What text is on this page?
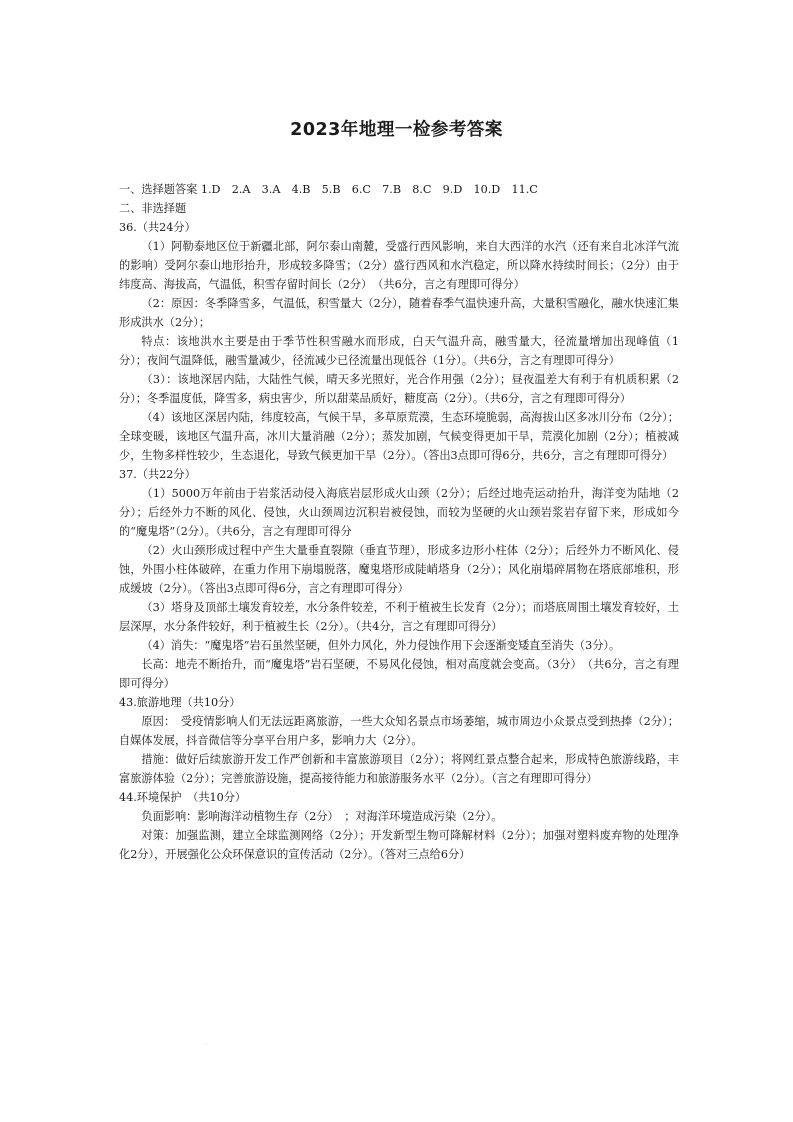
2023年地理一检参考答案

一、选择题答案 1.D　2.A　3.A　4.B　5.B　6.C　7.B　8.C　9.D　10.D　11.C

二、非选择题

36.（共24分）

（1）阿勒泰地区位于新疆北部，阿尔泰山南麓，受盛行西风影响，来自大西洋的水汽（还有来自北冰洋气流的影响）受阿尔泰山地形抬升，形成较多降雪；（2分）盛行西风和水汽稳定，所以降水持续时间长；（2分）由于纬度高、海拔高，气温低，积雪存留时间长（2分）　（共6分，言之有理即可得分）

（2：原因：冬季降雪多，气温低，积雪量大（2分），随着春季气温快速升高，大量积雪融化，融水快速汇集形成洪水（2分）；

特点：该地洪水主要是由于季节性积雪融水而形成，白天气温升高，融雪量大，径流量增加出现峰值（1分）；夜间气温降低，融雪量减少，径流减少已径流量出现低谷（1分）。（共6分，言之有理即可得分）

（3）：该地深居内陆，大陆性气候，晴天多光照好，光合作用强（2分）；昼夜温差大有利于有机质积累（2分）；冬季温度低，降雪多，病虫害少，所以甜菜品质好，糖度高（2分）。（共6分，言之有理即可得分）

（4）该地区深居内陆，纬度较高，气候干旱，多草原荒漠，生态环境脆弱，高海拔山区多冰川分布（2分）；全球变暖，该地区气温升高，冰川大量消融（2分）；蒸发加剧，气候变得更加干旱，荒漠化加剧（2分）；植被减少，生物多样性较少，生态退化，导致气候更加干旱（2分）。（答出3点即可得6分，共6分，言之有理即可得分）

37.（共22分）

（1）5000万年前由于岩浆活动侵入海底岩层形成火山颈（2分）；后经过地壳运动抬升，海洋变为陆地（2分）；后经外力不断的风化、侵蚀，火山颈周边沉积岩被侵蚀，而较为坚硬的火山颈岩浆岩存留下来，形成如今的“魔鬼塔”（2分）。（共6分，言之有理即可得分

（2）火山颈形成过程中产生大量垂直裂隙（垂直节理），形成多边形小柱体（2分）；后经外力不断风化、侵蚀，外围小柱体破碎，在重力作用下崩塌脱落，魔鬼塔形成陡峭塔身（2分）；风化崩塌碎屑物在塔底部堆积，形成缓坡（2分）。（答出3点即可得6分，言之有理即可得分）

（3）塔身及顶部土壤发育较差，水分条件较差，不利于植被生长发育（2分）；而塔底周围土壤发育较好，土层深厚，水分条件较好，利于植被生长（2分）。（共4分，言之有理即可得分）

（4）消失：“魔鬼塔”岩石虽然坚硬，但外力风化，外力侵蚀作用下会逐渐变矮直至消失（3分）。

长高：地壳不断抬升，而“魔鬼塔”岩石坚硬，不易风化侵蚀，相对高度就会变高。（3分）　（共6分，言之有理即可得分）

43.旅游地理（共10分）

原因：　受疫情影响人们无法远距离旅游，一些大众知名景点市场萎缩，城市周边小众景点受到热捧（2分）；自媒体发展，抖音微信等分享平台用户多，影响力大（2分）。

措施：做好后续旅游开发工作严创新和丰富旅游项目（2分）；将网红景点整合起来，形成特色旅游线路，丰富旅游体验（2分）；完善旅游设施，提高接待能力和旅游服务水平（2分）。（言之有理即可得分）

44.环境保护　（共10分）

负面影响：影响海洋动植物生存（2分）　；对海洋环境造成污染（2分）。

对策：加强监测，建立全球监测网络（2分）；开发新型生物可降解材料（2分）；加强对塑料废弃物的处理净化2分），开展强化公众环保意识的宣传活动（2分）。（答对三点给6分）

·
